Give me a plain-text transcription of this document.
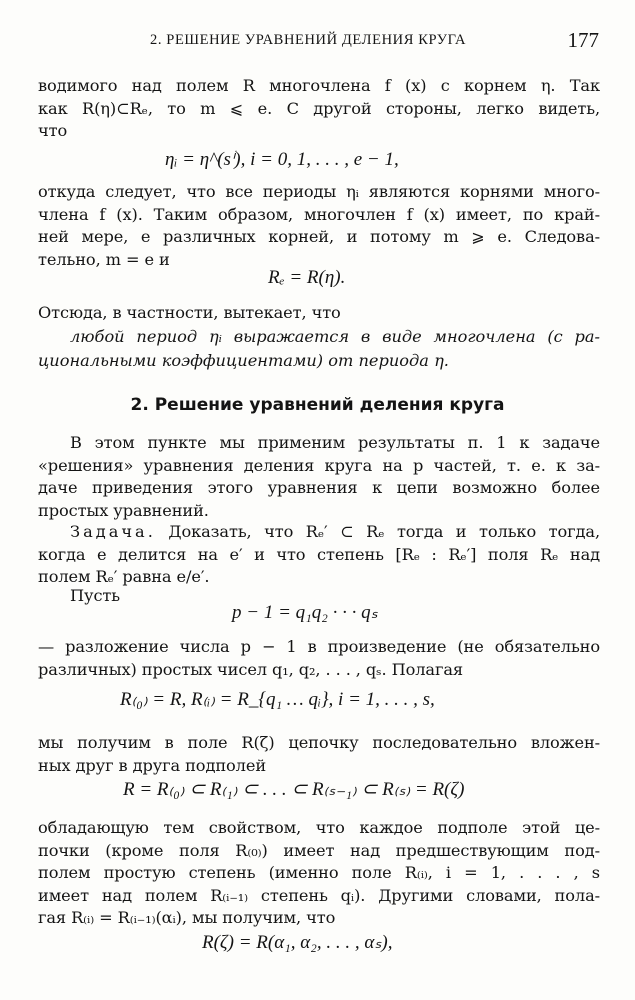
2. РЕШЕНИЕ УРАВНЕНИЙ ДЕЛЕНИЯ КРУГА	177
водимого над полем R многочлена f (x) с корнем η. Так
как R(η)⊂Rₑ, то m ⩽ e. С другой стороны, легко видеть,
что
ηᵢ = η^(sⁱ), i = 0, 1, . . . , e − 1,
откуда следует, что все периоды ηᵢ являются корнями много-
члена f (x). Таким образом, многочлен f (x) имеет, по край-
ней мере, e различных корней, и потому m ⩾ e. Следова-
тельно, m = e и
Rₑ = R(η).
Отсюда, в частности, вытекает, что
любой период ηᵢ выражается в виде многочлена (с ра-
циональными коэффициентами) от периода η.
2. Решение уравнений деления круга
В этом пункте мы применим результаты п. 1 к задаче
«решения» уравнения деления круга на p частей, т. е. к за-
даче приведения этого уравнения к цепи возможно более
простых уравнений.
Задача. Доказать, что Rₑ′ ⊂ Rₑ тогда и только тогда,
когда e делится на e′ и что степень [Rₑ : Rₑ′] поля Rₑ над
полем Rₑ′ равна e/e′.
Пусть
p − 1 = q₁q₂ · · · qₛ
— разложение числа p − 1 в произведение (не обязательно
различных) простых чисел q₁, q₂, . . . , qₛ. Полагая
R₍₀₎ = R, R₍ᵢ₎ = R_{q₁ … qᵢ}, i = 1, . . . , s,
мы получим в поле R(ζ) цепочку последовательно вложен-
ных друг в друга подполей
R = R₍₀₎ ⊂ R₍₁₎ ⊂ . . . ⊂ R₍ₛ₋₁₎ ⊂ R₍ₛ₎ = R(ζ)
обладающую тем свойством, что каждое подполе этой це-
почки (кроме поля R₍₀₎) имеет над предшествующим под-
полем простую степень (именно поле R₍ᵢ₎, i = 1, . . . , s
имеет над полем R₍ᵢ₋₁₎ степень qᵢ). Другими словами, пола-
гая R₍ᵢ₎ = R₍ᵢ₋₁₎(αᵢ), мы получим, что
R(ζ) = R(α₁, α₂, . . . , αₛ),
